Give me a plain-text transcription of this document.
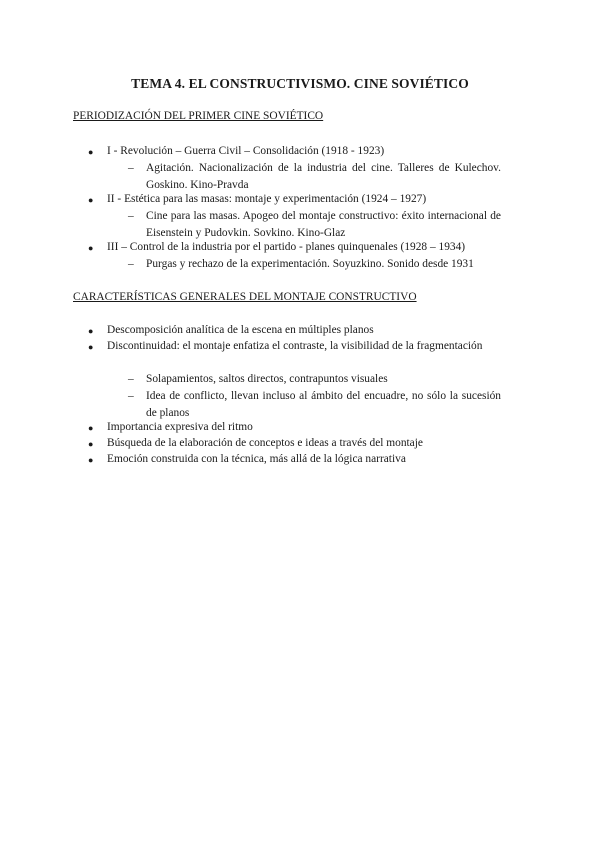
TEMA 4. EL CONSTRUCTIVISMO. CINE SOVIÉTICO
PERIODIZACIÓN DEL PRIMER CINE SOVIÉTICO
● I - Revolución – Guerra Civil – Consolidación (1918 - 1923)
– Agitación. Nacionalización de la industria del cine. Talleres de Kulechov. Goskino. Kino-Pravda
● II - Estética para las masas: montaje y experimentación (1924 – 1927)
– Cine para las masas. Apogeo del montaje constructivo: éxito internacional de Eisenstein y Pudovkin. Sovkino. Kino-Glaz
● III – Control de la industria por el partido - planes quinquenales (1928 – 1934)
– Purgas y rechazo de la experimentación. Soyuzkino. Sonido desde 1931
CARACTERÍSTICAS GENERALES DEL MONTAJE CONSTRUCTIVO
● Descomposición analítica de la escena en múltiples planos
● Discontinuidad: el montaje enfatiza el contraste, la visibilidad de la fragmentación
– Solapamientos, saltos directos, contrapuntos visuales
– Idea de conflicto, llevan incluso al ámbito del encuadre, no sólo la sucesión de planos
● Importancia expresiva del ritmo
● Búsqueda de la elaboración de conceptos e ideas a través del montaje
● Emoción construida con la técnica, más allá de la lógica narrativa
